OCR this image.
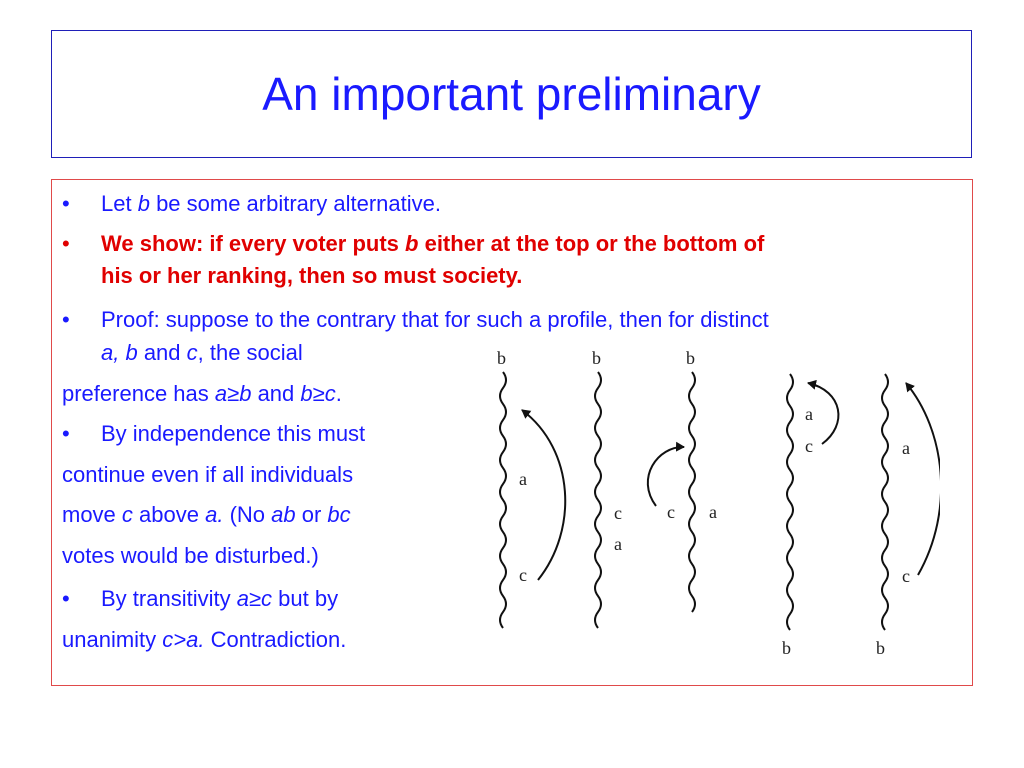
An important preliminary
• Let b be some arbitrary alternative.
• We show: if every voter puts b either at the top or the bottom of
his or her ranking, then so must society.
• Proof: suppose to the contrary that for such a profile, then for distinct
a, b and c, the social
preference has a≥b and b≥c.
• By independence this must
continue even if all individuals
move c above a. (No ab or bc
votes would be disturbed.)
• By transitivity a≥c but by
unanimity c>a. Contradiction.
b
a
c
b
c
a
b
c a
a
c
b
a
c
b
